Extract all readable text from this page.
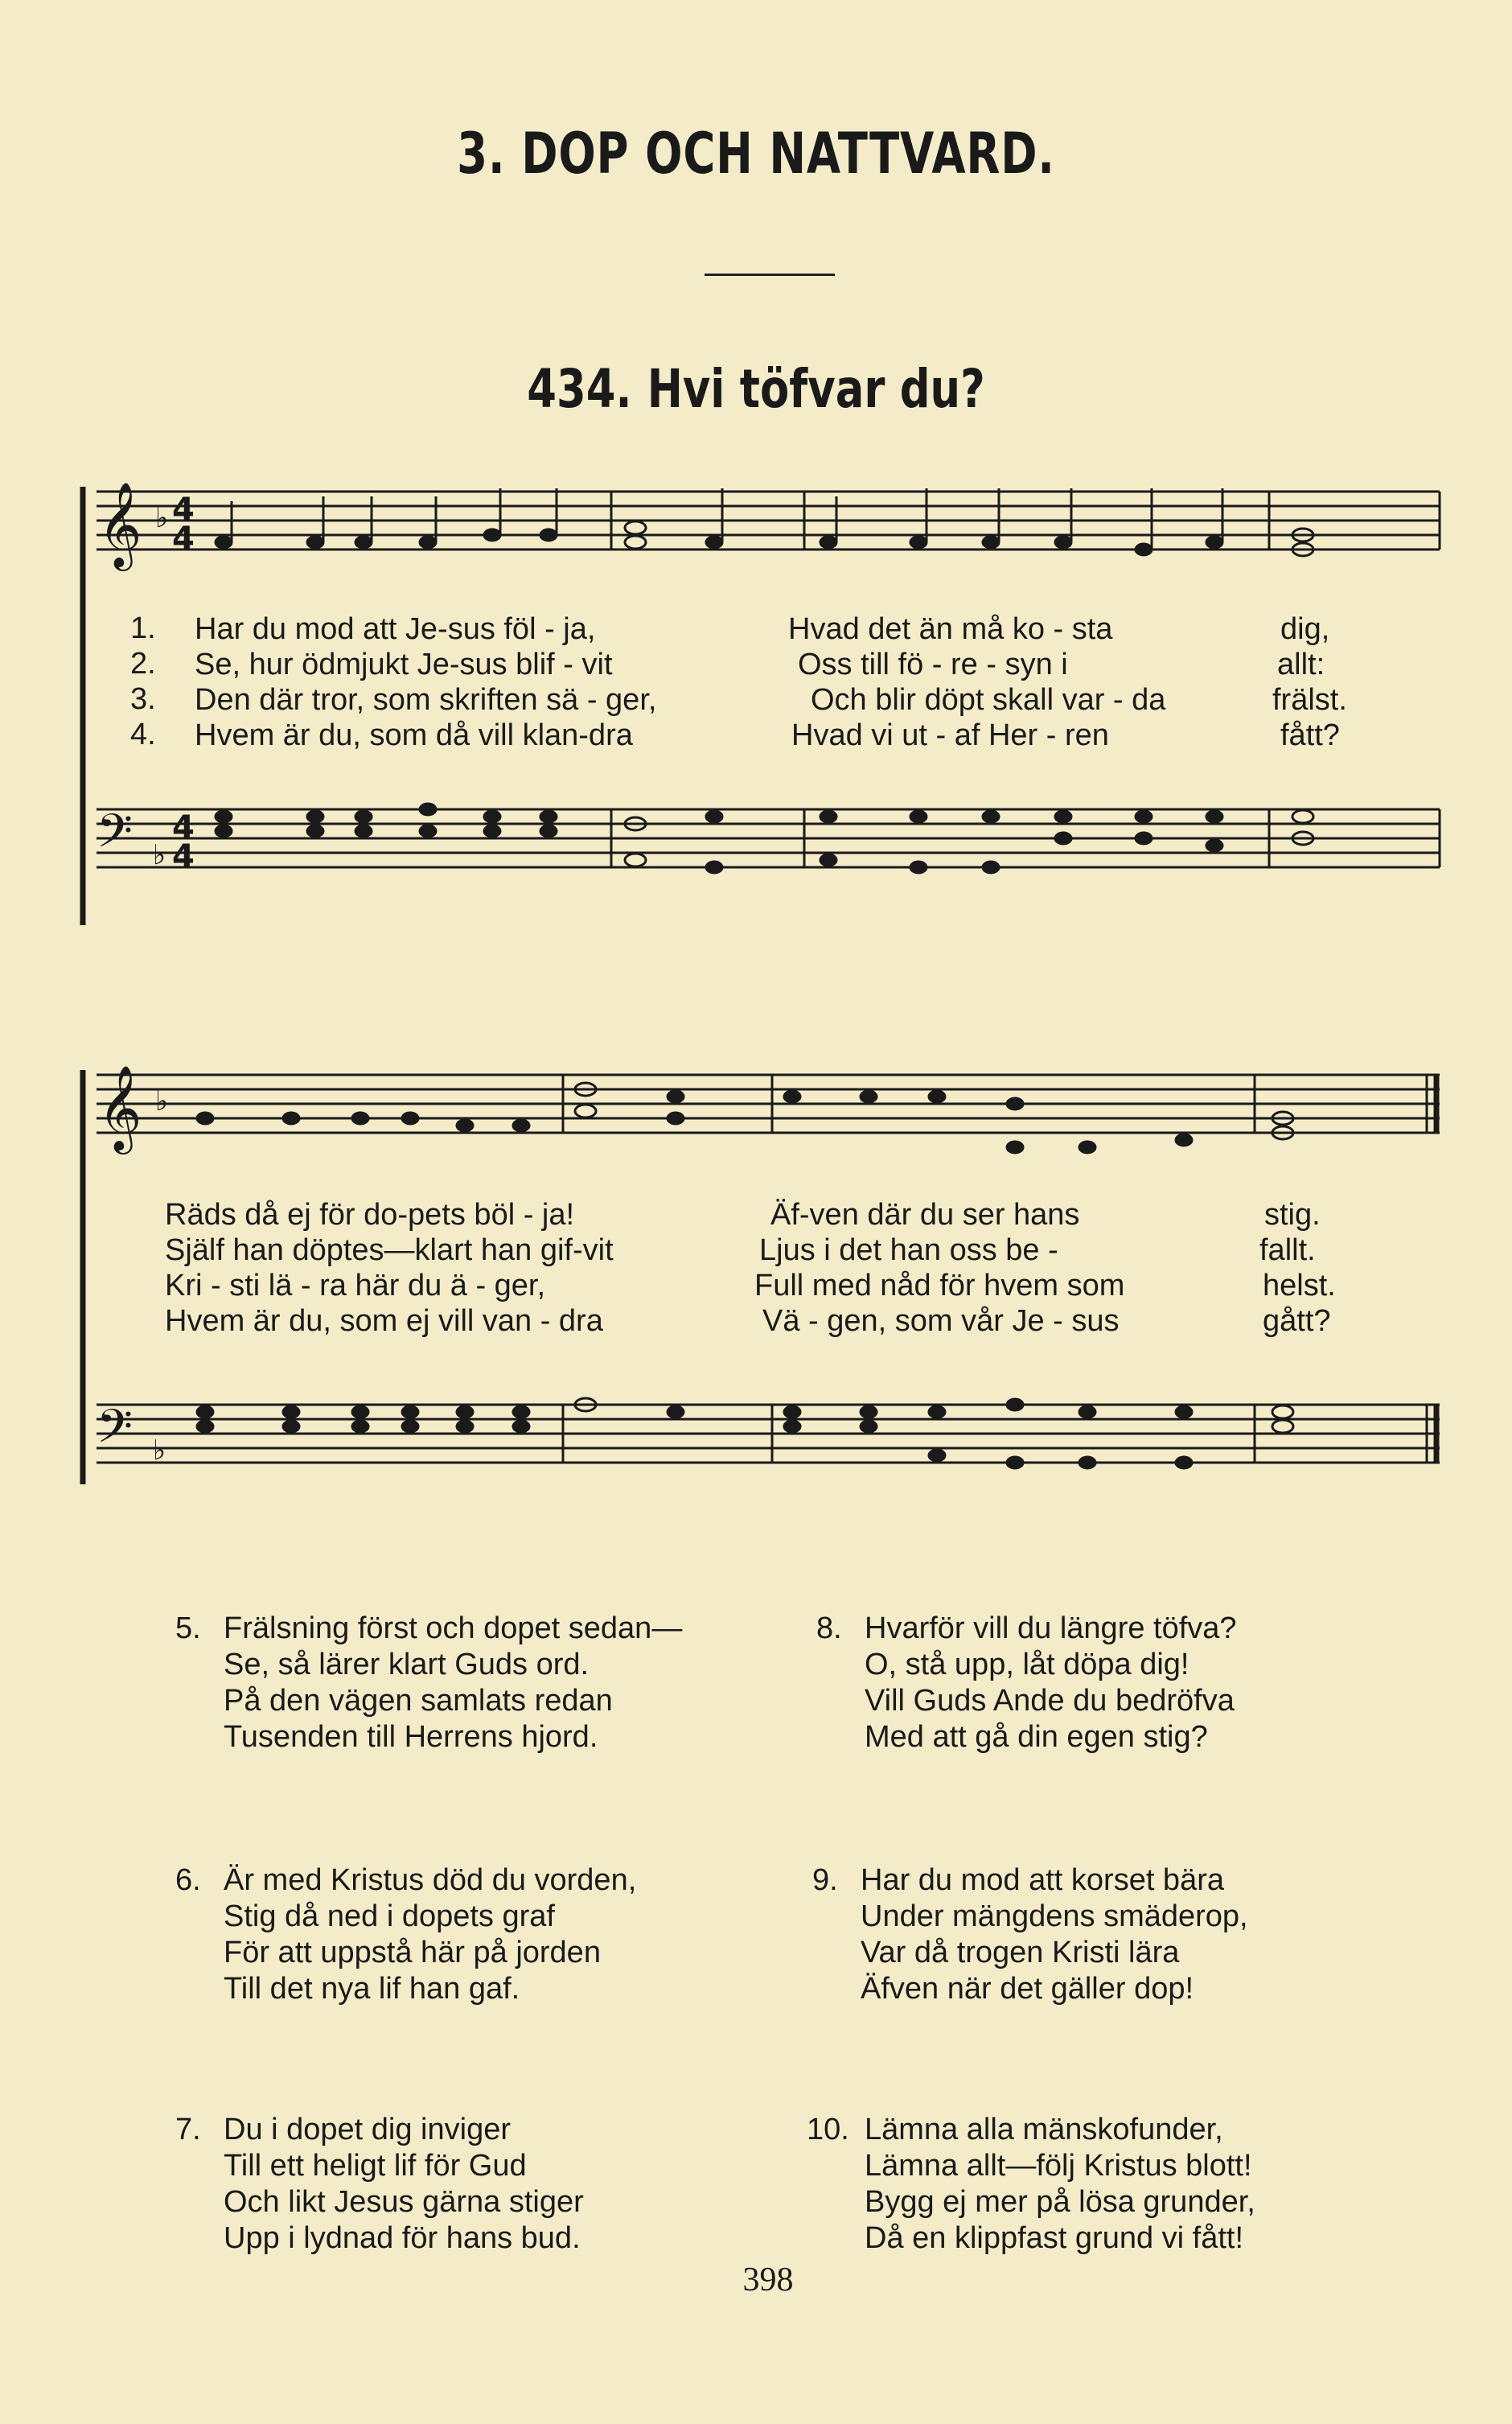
3. DOP OCH NATTVARD.
434. Hvi töfvar du?
𝄞 ♭ 4
4
1.
2.
3.
4.
Har du mod att Je-sus föl - ja,
Se, hur ödmjukt Je-sus blif - vit
Den där tror, som skriften sä - ger,
Hvem är du, som då vill klan-dra
Hvad det än må ko - sta
Oss till fö - re - syn i
Och blir döpt skall var - da
Hvad vi ut - af Her - ren
dig,
allt:
frälst.
fått?
𝄢 ♭
4
4
𝄞 ♭
Räds då ej för do-pets böl - ja!
Själf han döptes—klart han gif-vit
Kri - sti lä - ra här du ä - ger,
Hvem är du, som ej vill van - dra
Äf-ven där du ser hans
Ljus i det han oss be -
Full med nåd för hvem som
Vä - gen, som vår Je - sus
stig.
fallt.
helst.
gått?
𝄢 ♭
5. Frälsning först och dopet sedan—
Se, så lärer klart Guds ord.
På den vägen samlats redan
Tusenden till Herrens hjord.
8. Hvarför vill du längre töfva?
O, stå upp, låt döpa dig!
Vill Guds Ande du bedröfva
Med att gå din egen stig?
6. Är med Kristus död du vorden,
Stig då ned i dopets graf
För att uppstå här på jorden
Till det nya lif han gaf.
9. Har du mod att korset bära
Under mängdens smäderop,
Var då trogen Kristi lära
Äfven när det gäller dop!
7. Du i dopet dig inviger
Till ett heligt lif för Gud
Och likt Jesus gärna stiger
Upp i lydnad för hans bud.
10. Lämna alla mänskofunder,
Lämna allt—följ Kristus blott!
Bygg ej mer på lösa grunder,
Då en klippfast grund vi fått!
398
